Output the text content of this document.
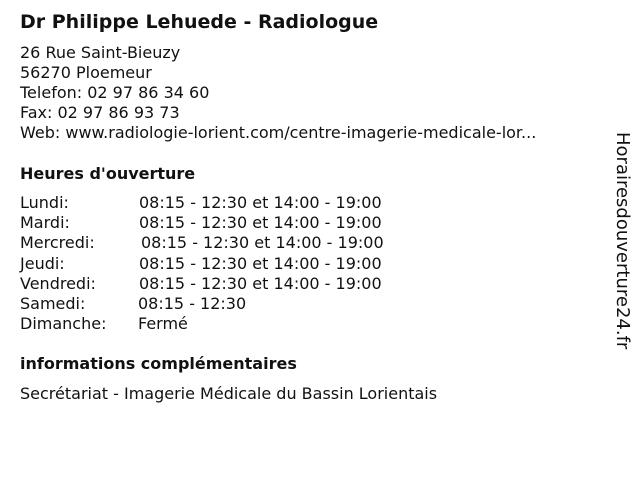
Dr Philippe Lehuede - Radiologue
26 Rue Saint-Bieuzy
56270 Ploemeur
Telefon: 02 97 86 34 60
Fax: 02 97 86 93 73
Web: www.radiologie-lorient.com/centre-imagerie-medicale-lor...
Heures d'ouverture
Lundi:	08:15 - 12:30 et 14:00 - 19:00
Mardi:	08:15 - 12:30 et 14:00 - 19:00
Mercredi:	08:15 - 12:30 et 14:00 - 19:00
Jeudi:	08:15 - 12:30 et 14:00 - 19:00
Vendredi:	08:15 - 12:30 et 14:00 - 19:00
Samedi:	08:15 - 12:30
Dimanche:	Fermé
informations complémentaires
Secrétariat - Imagerie Médicale du Bassin Lorientais
Horairesdouverture24.fr
